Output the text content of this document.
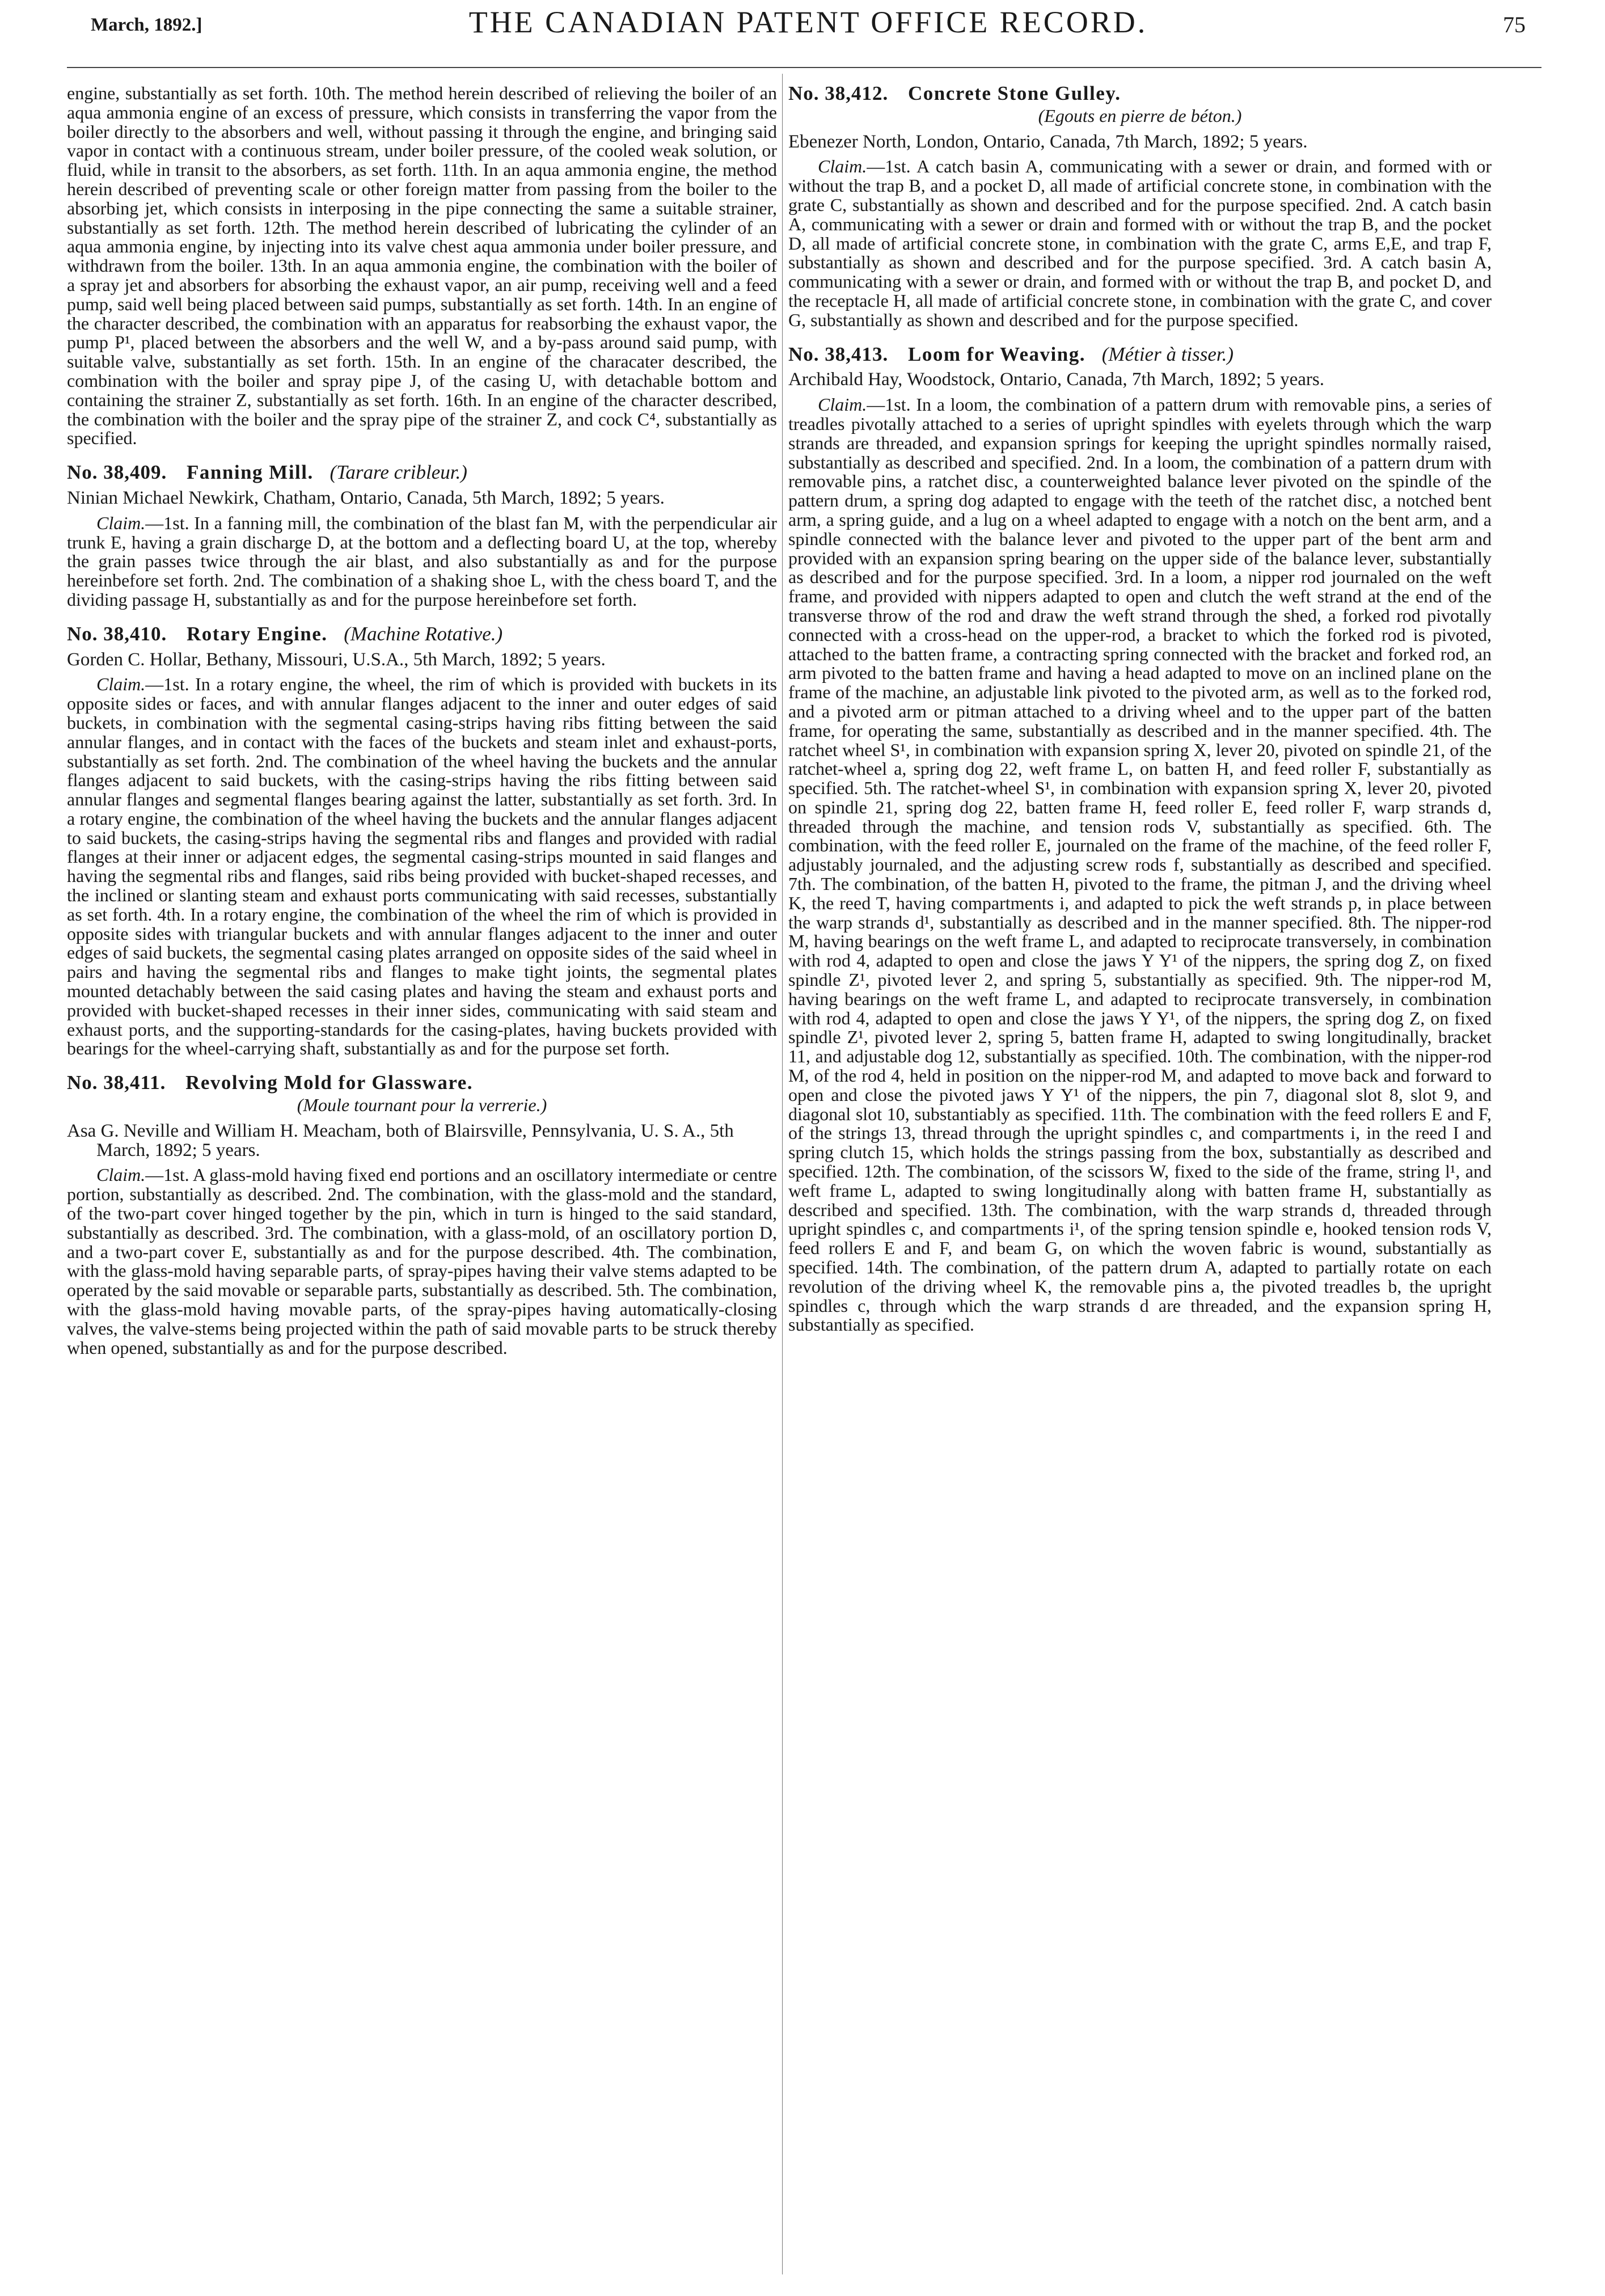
March, 1892.]	THE CANADIAN PATENT OFFICE RECORD.	75

engine, substantially as set forth. 10th. The method herein described of relieving the boiler of an aqua ammonia engine of an excess of pressure, which consists in transferring the vapor from the boiler directly to the absorbers and well, without passing it through the engine, and bringing said vapor in contact with a continuous stream, under boiler pressure, of the cooled weak solution, or fluid, while in transit to the absorbers, as set forth. 11th. In an aqua ammonia engine, the method herein described of preventing scale or other foreign matter from passing from the boiler to the absorbing jet, which consists in interposing in the pipe connecting the same a suitable strainer, substantially as set forth. 12th. The method herein described of lubricating the cylinder of an aqua ammonia engine, by injecting into its valve chest aqua ammonia under boiler pressure, and withdrawn from the boiler. 13th. In an aqua ammonia engine, the combination with the boiler of a spray jet and absorbers for absorbing the exhaust vapor, an air pump, receiving well and a feed pump, said well being placed between said pumps, substantially as set forth. 14th. In an engine of the character described, the combination with an apparatus for reabsorbing the exhaust vapor, the pump P¹, placed between the absorbers and the well W, and a by-pass around said pump, with suitable valve, substantially as set forth. 15th. In an engine of the characater described, the combination with the boiler and spray pipe J, of the casing U, with detachable bottom and containing the strainer Z, substantially as set forth. 16th. In an engine of the character described, the combination with the boiler and the spray pipe of the strainer Z, and cock C⁴, substantially as specified.

No. 38,409. Fanning Mill. (Tarare cribleur.)

Ninian Michael Newkirk, Chatham, Ontario, Canada, 5th March, 1892; 5 years.

Claim.—1st. In a fanning mill, the combination of the blast fan M, with the perpendicular air trunk E, having a grain discharge D, at the bottom and a deflecting board U, at the top, whereby the grain passes twice through the air blast, and also substantially as and for the purpose hereinbefore set forth. 2nd. The combination of a shaking shoe L, with the chess board T, and the dividing passage H, substantially as and for the purpose hereinbefore set forth.

No. 38,410. Rotary Engine. (Machine Rotative.)

Gorden C. Hollar, Bethany, Missouri, U.S.A., 5th March, 1892; 5 years.

Claim.—1st. In a rotary engine, the wheel, the rim of which is provided with buckets in its opposite sides or faces, and with annular flanges adjacent to the inner and outer edges of said buckets, in combination with the segmental casing-strips having ribs fitting between the said annular flanges, and in contact with the faces of the buckets and steam inlet and exhaust-ports, substantially as set forth. 2nd. The combination of the wheel having the buckets and the annular flanges adjacent to said buckets, with the casing-strips having the ribs fitting between said annular flanges and segmental flanges bearing against the latter, substantially as set forth. 3rd. In a rotary engine, the combination of the wheel having the buckets and the annular flanges adjacent to said buckets, the casing-strips having the segmental ribs and flanges and provided with radial flanges at their inner or adjacent edges, the segmental casing-strips mounted in said flanges and having the segmental ribs and flanges, said ribs being provided with bucket-shaped recesses, and the inclined or slanting steam and exhaust ports communicating with said recesses, substantially as set forth. 4th. In a rotary engine, the combination of the wheel the rim of which is provided in opposite sides with triangular buckets and with annular flanges adjacent to the inner and outer edges of said buckets, the segmental casing plates arranged on opposite sides of the said wheel in pairs and having the segmental ribs and flanges to make tight joints, the segmental plates mounted detachably between the said casing plates and having the steam and exhaust ports and provided with bucket-shaped recesses in their inner sides, communicating with said steam and exhaust ports, and the supporting-standards for the casing-plates, having buckets provided with bearings for the wheel-carrying shaft, substantially as and for the purpose set forth.

No. 38,411. Revolving Mold for Glassware.

(Moule tournant pour la verrerie.)

Asa G. Neville and William H. Meacham, both of Blairsville, Pennsylvania, U. S. A., 5th March, 1892; 5 years.

Claim.—1st. A glass-mold having fixed end portions and an oscillatory intermediate or centre portion, substantially as described. 2nd. The combination, with the glass-mold and the standard, of the two-part cover hinged together by the pin, which in turn is hinged to the said standard, substantially as described. 3rd. The combination, with a glass-mold, of an oscillatory portion D, and a two-part cover E, substantially as and for the purpose described. 4th. The combination, with the glass-mold having separable parts, of spray-pipes having their valve stems adapted to be operated by the said movable or separable parts, substantially as described. 5th. The combination, with the glass-mold having movable parts, of the spray-pipes having automatically-closing valves, the valve-stems being projected within the path of said movable parts to be struck thereby when opened, substantially as and for the purpose described.

No. 38,412. Concrete Stone Gulley.

(Egouts en pierre de béton.)

Ebenezer North, London, Ontario, Canada, 7th March, 1892; 5 years.

Claim.—1st. A catch basin A, communicating with a sewer or drain, and formed with or without the trap B, and a pocket D, all made of artificial concrete stone, in combination with the grate C, substantially as shown and described and for the purpose specified. 2nd. A catch basin A, communicating with a sewer or drain and formed with or without the trap B, and the pocket D, all made of artificial concrete stone, in combination with the grate C, arms E,E, and trap F, substantially as shown and described and for the purpose specified. 3rd. A catch basin A, communicating with a sewer or drain, and formed with or without the trap B, and pocket D, and the receptacle H, all made of artificial concrete stone, in combination with the grate C, and cover G, substantially as shown and described and for the purpose specified.

No. 38,413. Loom for Weaving. (Métier à tisser.)

Archibald Hay, Woodstock, Ontario, Canada, 7th March, 1892; 5 years.

Claim.—1st. In a loom, the combination of a pattern drum with removable pins, a series of treadles pivotally attached to a series of upright spindles with eyelets through which the warp strands are threaded, and expansion springs for keeping the upright spindles normally raised, substantially as described and specified. 2nd. In a loom, the combination of a pattern drum with removable pins, a ratchet disc, a counterweighted balance lever pivoted on the spindle of the pattern drum, a spring dog adapted to engage with the teeth of the ratchet disc, a notched bent arm, a spring guide, and a lug on a wheel adapted to engage with a notch on the bent arm, and a spindle connected with the balance lever and pivoted to the upper part of the bent arm and provided with an expansion spring bearing on the upper side of the balance lever, substantially as described and for the purpose specified. 3rd. In a loom, a nipper rod journaled on the weft frame, and provided with nippers adapted to open and clutch the weft strand at the end of the transverse throw of the rod and draw the weft strand through the shed, a forked rod pivotally connected with a cross-head on the upper-rod, a bracket to which the forked rod is pivoted, attached to the batten frame, a contracting spring connected with the bracket and forked rod, an arm pivoted to the batten frame and having a head adapted to move on an inclined plane on the frame of the machine, an adjustable link pivoted to the pivoted arm, as well as to the forked rod, and a pivoted arm or pitman attached to a driving wheel and to the upper part of the batten frame, for operating the same, substantially as described and in the manner specified. 4th. The ratchet wheel S¹, in combination with expansion spring X, lever 20, pivoted on spindle 21, of the ratchet-wheel a, spring dog 22, weft frame L, on batten H, and feed roller F, substantially as specified. 5th. The ratchet-wheel S¹, in combination with expansion spring X, lever 20, pivoted on spindle 21, spring dog 22, batten frame H, feed roller E, feed roller F, warp strands d, threaded through the machine, and tension rods V, substantially as specified. 6th. The combination, with the feed roller E, journaled on the frame of the machine, of the feed roller F, adjustably journaled, and the adjusting screw rods f, substantially as described and specified. 7th. The combination, of the batten H, pivoted to the frame, the pitman J, and the driving wheel K, the reed T, having compartments i, and adapted to pick the weft strands p, in place between the warp strands d¹, substantially as described and in the manner specified. 8th. The nipper-rod M, having bearings on the weft frame L, and adapted to reciprocate transversely, in combination with rod 4, adapted to open and close the jaws Y Y¹ of the nippers, the spring dog Z, on fixed spindle Z¹, pivoted lever 2, and spring 5, substantially as specified. 9th. The nipper-rod M, having bearings on the weft frame L, and adapted to reciprocate transversely, in combination with rod 4, adapted to open and close the jaws Y Y¹, of the nippers, the spring dog Z, on fixed spindle Z¹, pivoted lever 2, spring 5, batten frame H, adapted to swing longitudinally, bracket 11, and adjustable dog 12, substantially as specified. 10th. The combination, with the nipper-rod M, of the rod 4, held in position on the nipper-rod M, and adapted to move back and forward to open and close the pivoted jaws Y Y¹ of the nippers, the pin 7, diagonal slot 8, slot 9, and diagonal slot 10, substantiably as specified. 11th. The combination with the feed rollers E and F, of the strings 13, thread through the upright spindles c, and compartments i, in the reed I and spring clutch 15, which holds the strings passing from the box, substantially as described and specified. 12th. The combination, of the scissors W, fixed to the side of the frame, string l¹, and weft frame L, adapted to swing longitudinally along with batten frame H, substantially as described and specified. 13th. The combination, with the warp strands d, threaded through upright spindles c, and compartments i¹, of the spring tension spindle e, hooked tension rods V, feed rollers E and F, and beam G, on which the woven fabric is wound, substantially as specified. 14th. The combination, of the pattern drum A, adapted to partially rotate on each revolution of the driving wheel K, the removable pins a, the pivoted treadles b, the upright spindles c, through which the warp strands d are threaded, and the expansion spring H, substantially as specified.
